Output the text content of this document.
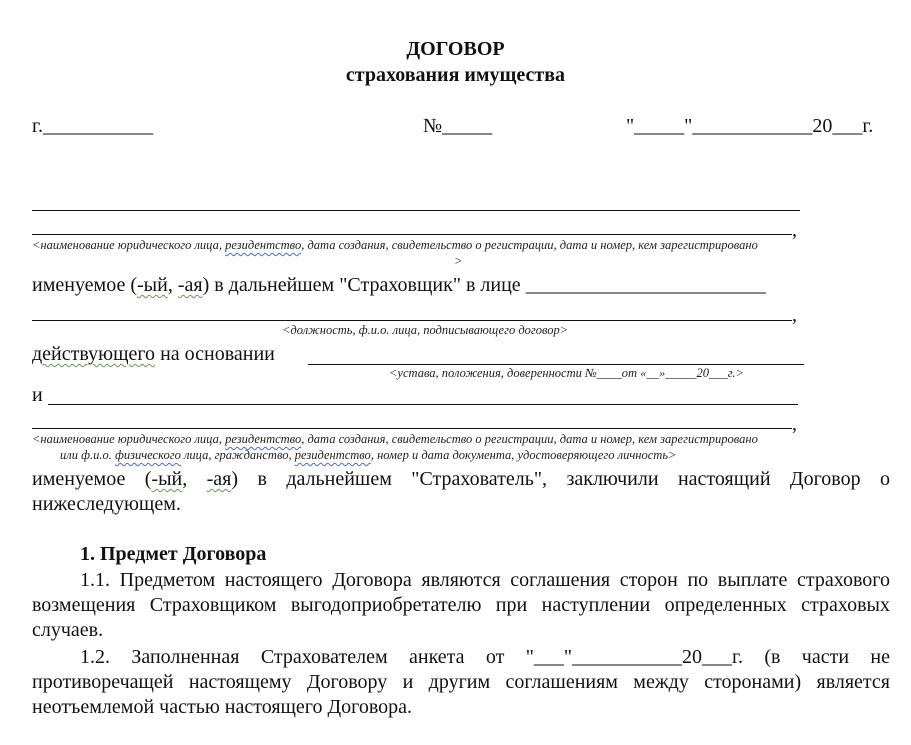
ДОГОВОР
страхования имущества
г.___________	№_____	"_____"____________20___г.
,
<наименование юридического лица, резидентство, дата создания, свидетельство о регистрации, дата и номер, кем зарегистрировано
>
именуемое (-ый, -ая) в дальнейшем "Страховщик" в лице ________________________
,
<должность, ф.и.о. лица, подписывающего договор>
действующего на основании
<устава, положения, доверенности №____от «__»_____20___г.>
и
,
<наименование юридического лица, резидентство, дата создания, свидетельство о регистрации, дата и номер, кем зарегистрировано
или ф.и.о. физического лица, гражданство, резидентство, номер и дата документа, удостоверяющего личность>
именуемое (-ый, -ая) в дальнейшем "Страхователь", заключили настоящий Договор о нижеследующем.
1. Предмет Договора
1.1. Предметом настоящего Договора являются соглашения сторон по выплате страхового возмещения Страховщиком выгодоприобретателю при наступлении определенных страховых случаев.
1.2. Заполненная Страхователем анкета от "___"___________20___г. (в части не противоречащей настоящему Договору и другим соглашениям между сторонами) является неотъемлемой частью настоящего Договора.
